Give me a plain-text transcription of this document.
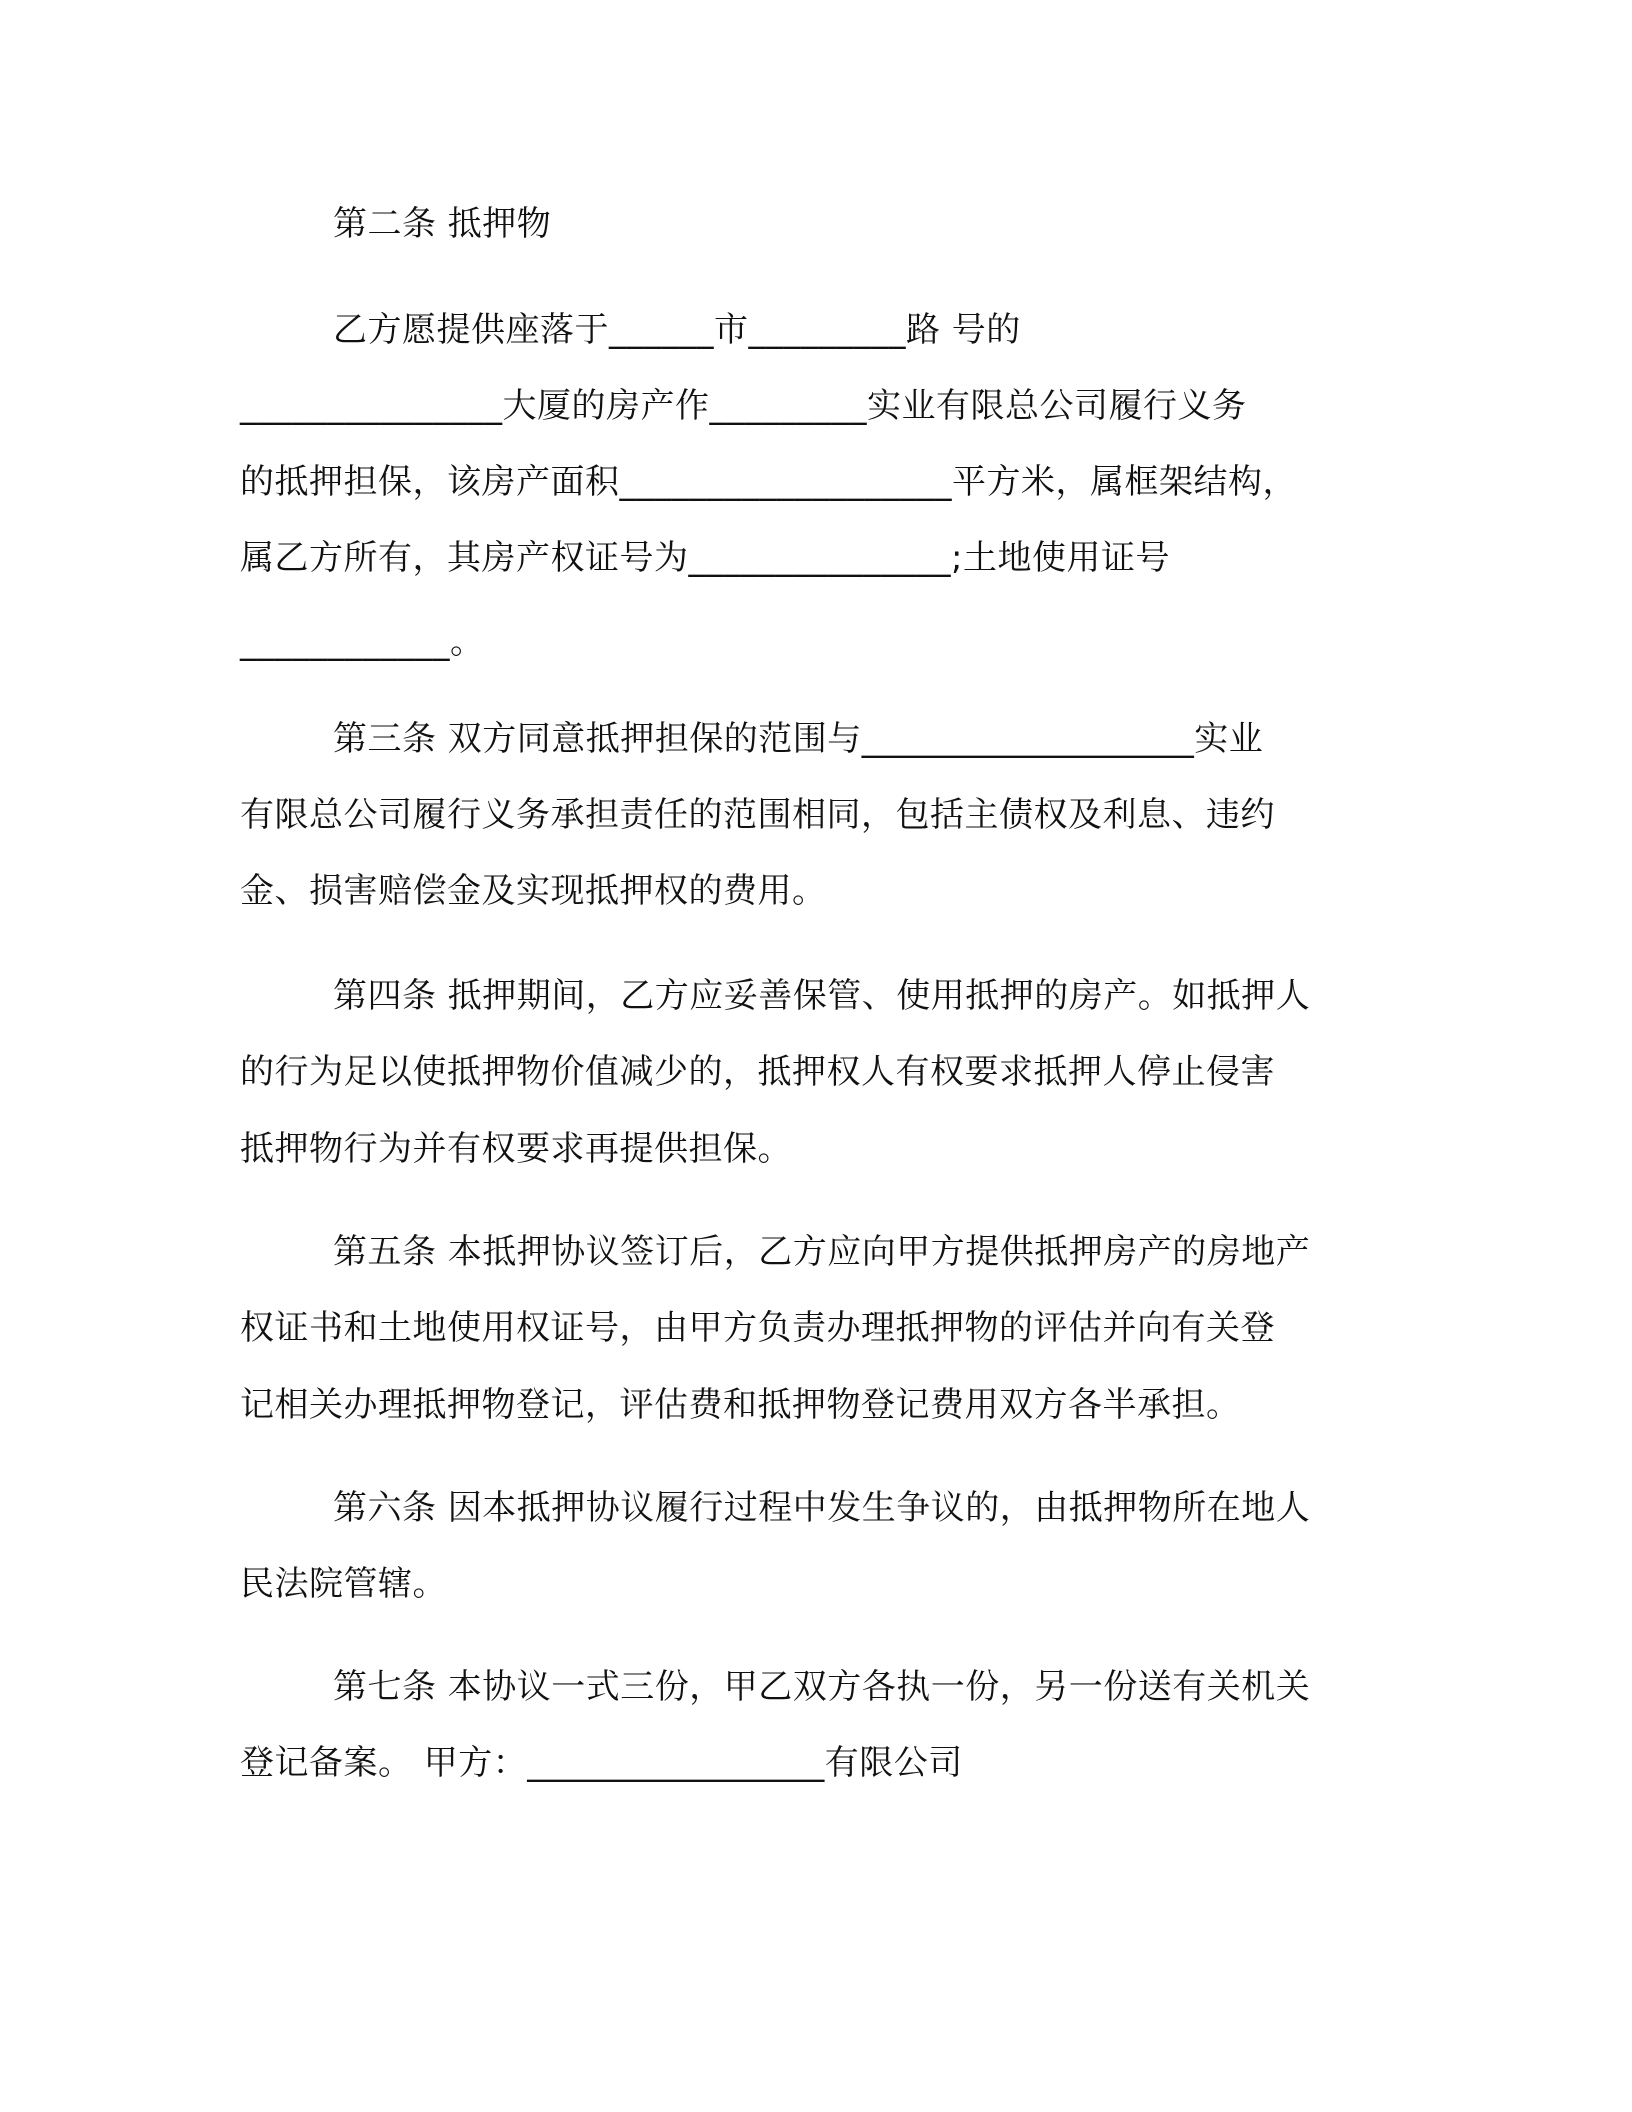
第二条 抵押物
乙方愿提供座落于______市_________路 号的
_______________大厦的房产作_________实业有限总公司履行义务
的抵押担保，该房产面积___________________平方米，属框架结构，
属乙方所有，其房产权证号为_______________;土地使用证号
____________。
第三条 双方同意抵押担保的范围与___________________实业
有限总公司履行义务承担责任的范围相同，包括主债权及利息、违约
金、损害赔偿金及实现抵押权的费用。
第四条 抵押期间，乙方应妥善保管、使用抵押的房产。如抵押人
的行为足以使抵押物价值减少的，抵押权人有权要求抵押人停止侵害
抵押物行为并有权要求再提供担保。
第五条 本抵押协议签订后，乙方应向甲方提供抵押房产的房地产
权证书和土地使用权证号，由甲方负责办理抵押物的评估并向有关登
记相关办理抵押物登记，评估费和抵押物登记费用双方各半承担。
第六条 因本抵押协议履行过程中发生争议的，由抵押物所在地人
民法院管辖。
第七条 本协议一式三份，甲乙双方各执一份，另一份送有关机关
登记备案。 甲方：_________________有限公司
